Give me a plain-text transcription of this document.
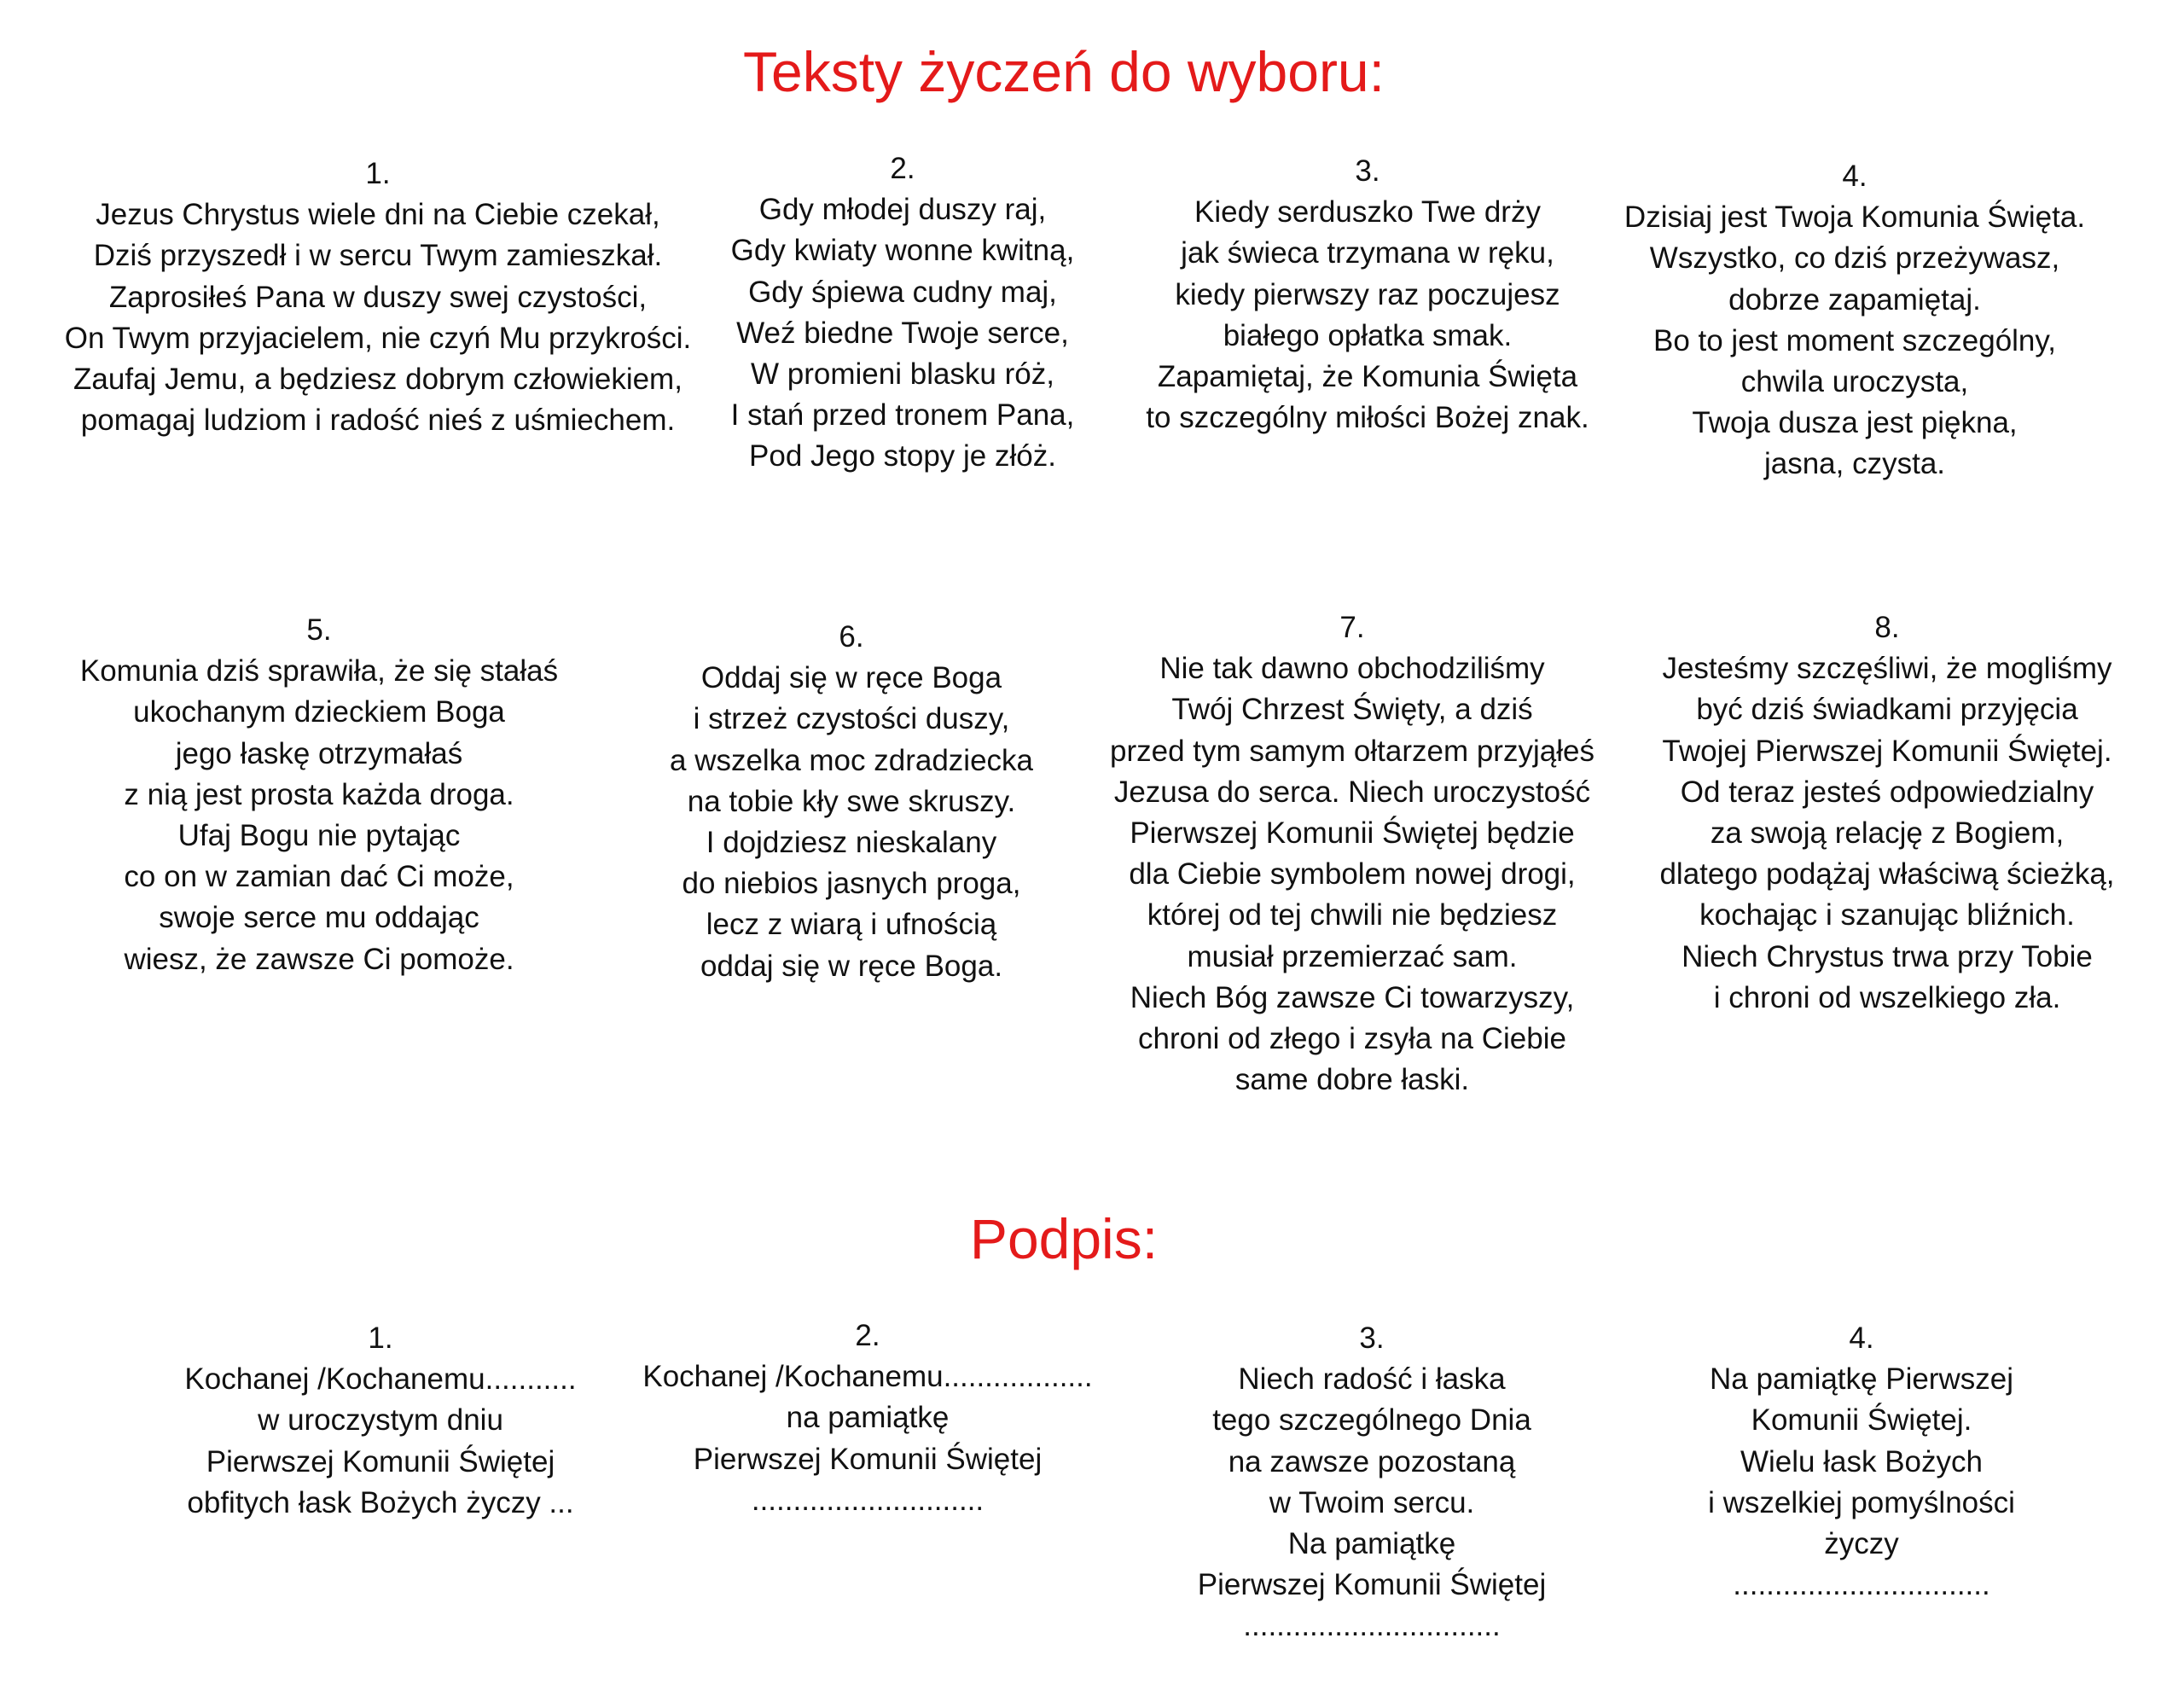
Teksty życzeń do wyboru:
1.
Jezus Chrystus wiele dni na Ciebie czekał,
Dziś przyszedł i w sercu Twym zamieszkał.
Zaprosiłeś Pana w duszy swej czystości,
On Twym przyjacielem, nie czyń Mu przykrości.
Zaufaj Jemu, a będziesz dobrym człowiekiem,
pomagaj ludziom i radość nieś z uśmiechem.
2.
Gdy młodej duszy raj,
Gdy kwiaty wonne kwitną,
Gdy śpiewa cudny maj,
Weź biedne Twoje serce,
W promieni blasku róż,
I stań przed tronem Pana,
Pod Jego stopy je złóż.
3.
Kiedy serduszko Twe drży
jak świeca trzymana w ręku,
kiedy pierwszy raz poczujesz
białego opłatka smak.
Zapamiętaj, że Komunia Święta
to szczególny miłości Bożej znak.
4.
Dzisiaj jest Twoja Komunia Święta.
Wszystko, co dziś przeżywasz,
dobrze zapamiętaj.
Bo to jest moment szczególny,
chwila uroczysta,
Twoja dusza jest piękna,
jasna, czysta.
5.
Komunia dziś sprawiła, że się stałaś
ukochanym dzieckiem Boga
jego łaskę otrzymałaś
z nią jest prosta każda droga.
Ufaj Bogu nie pytając
co on w zamian dać Ci może,
swoje serce mu oddając
wiesz, że zawsze Ci pomoże.
6.
Oddaj się w ręce Boga
i strzeż czystości duszy,
a wszelka moc zdradziecka
na tobie kły swe skruszy.
I dojdziesz nieskalany
do niebios jasnych proga,
lecz z wiarą i ufnością
oddaj się w ręce Boga.
7.
Nie tak dawno obchodziliśmy
Twój Chrzest Święty, a dziś
przed tym samym ołtarzem przyjąłeś
Jezusa do serca. Niech uroczystość
Pierwszej Komunii Świętej będzie
dla Ciebie symbolem nowej drogi,
której od tej chwili nie będziesz
musiał przemierzać sam.
Niech Bóg zawsze Ci towarzyszy,
chroni od złego i zsyła na Ciebie
same dobre łaski.
8.
Jesteśmy szczęśliwi, że mogliśmy
być dziś świadkami przyjęcia
Twojej Pierwszej Komunii Świętej.
Od teraz jesteś odpowiedzialny
za swoją relację z Bogiem,
dlatego podążaj właściwą ścieżką,
kochając i szanując bliźnich.
Niech Chrystus trwa przy Tobie
i chroni od wszelkiego zła.
Podpis:
1.
Kochanej /Kochanemu...........
w uroczystym dniu
Pierwszej Komunii Świętej
obfitych łask Bożych życzy ...
2.
Kochanej /Kochanemu..................
na pamiątkę
Pierwszej Komunii Świętej
............................
3.
Niech radość i łaska
tego szczególnego Dnia
na zawsze pozostaną
w Twoim sercu.
Na pamiątkę
Pierwszej Komunii Świętej
...............................
4.
Na pamiątkę Pierwszej
Komunii Świętej.
Wielu łask Bożych
i wszelkiej pomyślności
życzy
...............................
